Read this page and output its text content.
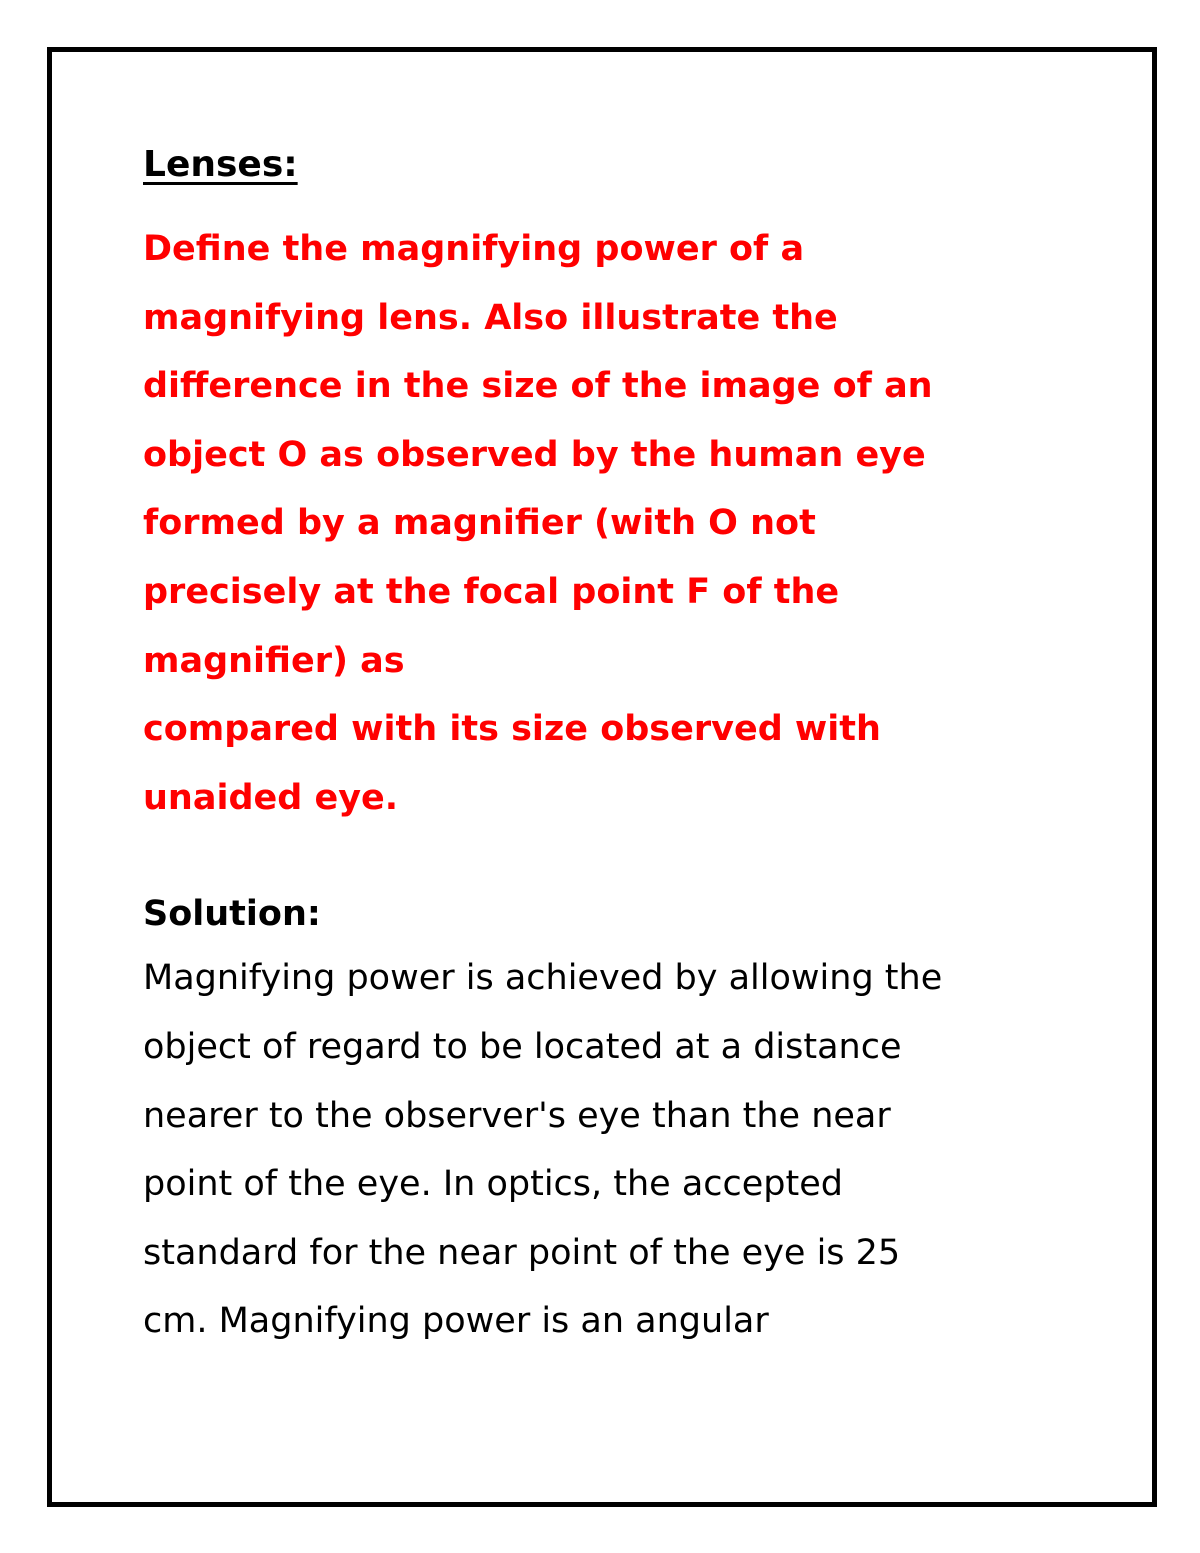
Lenses:
Define the magnifying power of a
magnifying lens. Also illustrate the
difference in the size of the image of an
object O as observed by the human eye
formed by a magnifier (with O not
precisely at the focal point F of the
magnifier) as
compared with its size observed with
unaided eye.
Solution:
Magnifying power is achieved by allowing the
object of regard to be located at a distance
nearer to the observer's eye than the near
point of the eye. In optics, the accepted
standard for the near point of the eye is 25
cm. Magnifying power is an angular
